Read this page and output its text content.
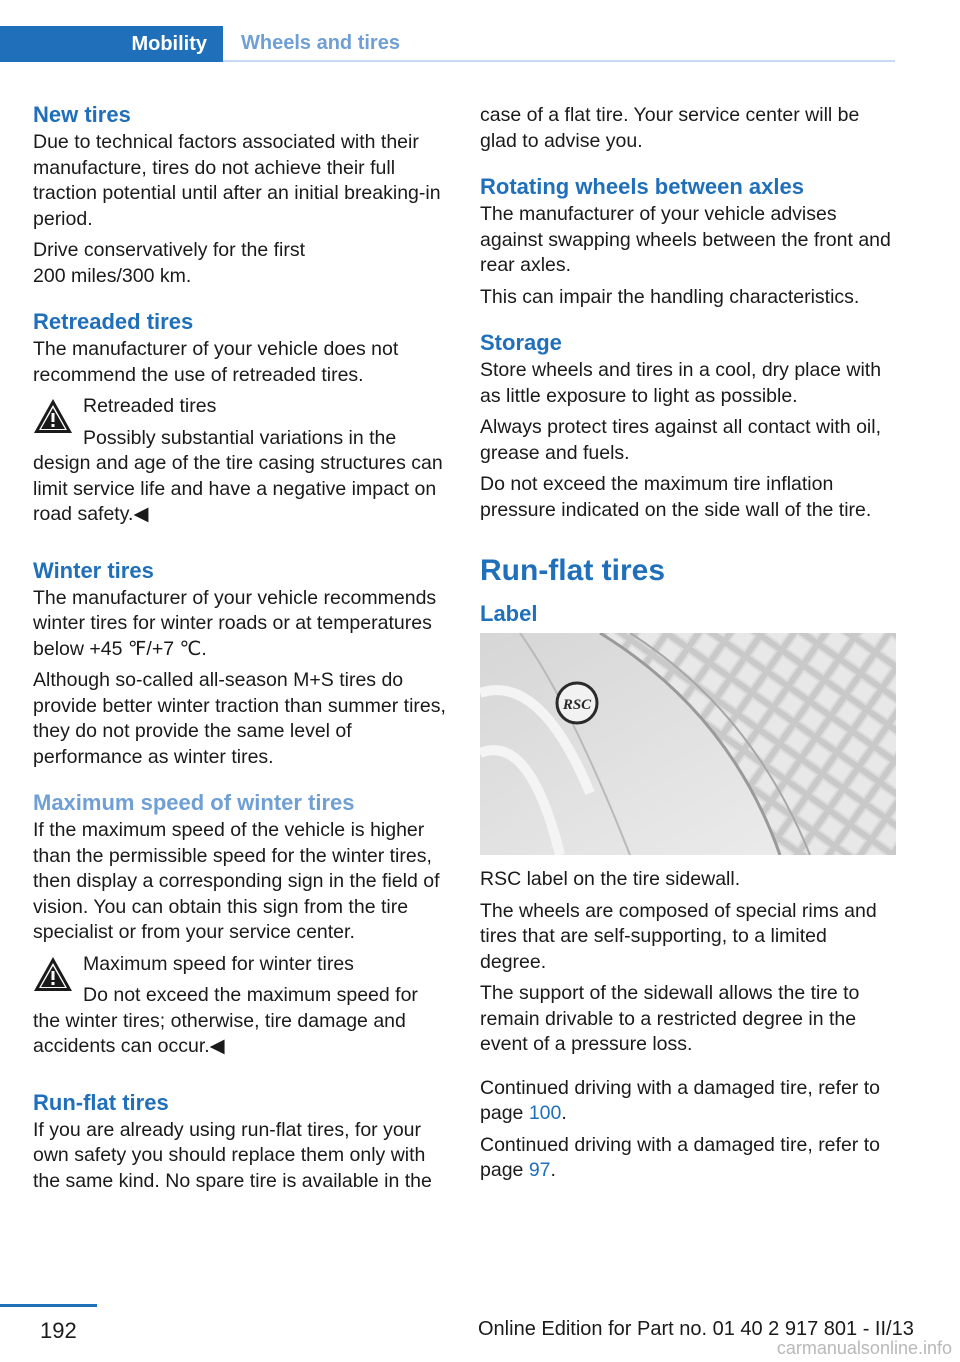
Mobility	Wheels and tires
New tires

Due to technical factors associated with their manufacture, tires do not achieve their full traction potential until after an initial breaking-in period.

Drive conservatively for the first 200 miles/300 km.

Retreaded tires

The manufacturer of your vehicle does not recommend the use of retreaded tires.

Retreaded tires

Possibly substantial variations in the design and age of the tire casing structures can limit service life and have a negative impact on road safety.◀

Winter tires

The manufacturer of your vehicle recommends winter tires for winter roads or at temperatures below +45 ℉/+7 ℃.

Although so-called all-season M+S tires do provide better winter traction than summer tires, they do not provide the same level of performance as winter tires.

Maximum speed of winter tires

If the maximum speed of the vehicle is higher than the permissible speed for the winter tires, then display a corresponding sign in the field of vision. You can obtain this sign from the tire specialist or from your service center.

Maximum speed for winter tires

Do not exceed the maximum speed for the winter tires; otherwise, tire damage and accidents can occur.◀

Run-flat tires

If you are already using run-flat tires, for your own safety you should replace them only with the same kind. No spare tire is available in the

case of a flat tire. Your service center will be glad to advise you.

Rotating wheels between axles

The manufacturer of your vehicle advises against swapping wheels between the front and rear axles.

This can impair the handling characteristics.

Storage

Store wheels and tires in a cool, dry place with as little exposure to light as possible.

Always protect tires against all contact with oil, grease and fuels.

Do not exceed the maximum tire inflation pressure indicated on the side wall of the tire.

Run-flat tires
Label
RSC

RSC label on the tire sidewall.

The wheels are composed of special rims and tires that are self-supporting, to a limited degree.

The support of the sidewall allows the tire to remain drivable to a restricted degree in the event of a pressure loss.

Continued driving with a damaged tire, refer to page 100.

Continued driving with a damaged tire, refer to page 97.

192	Online Edition for Part no. 01 40 2 917 801 - II/13
carmanualsonline.info
